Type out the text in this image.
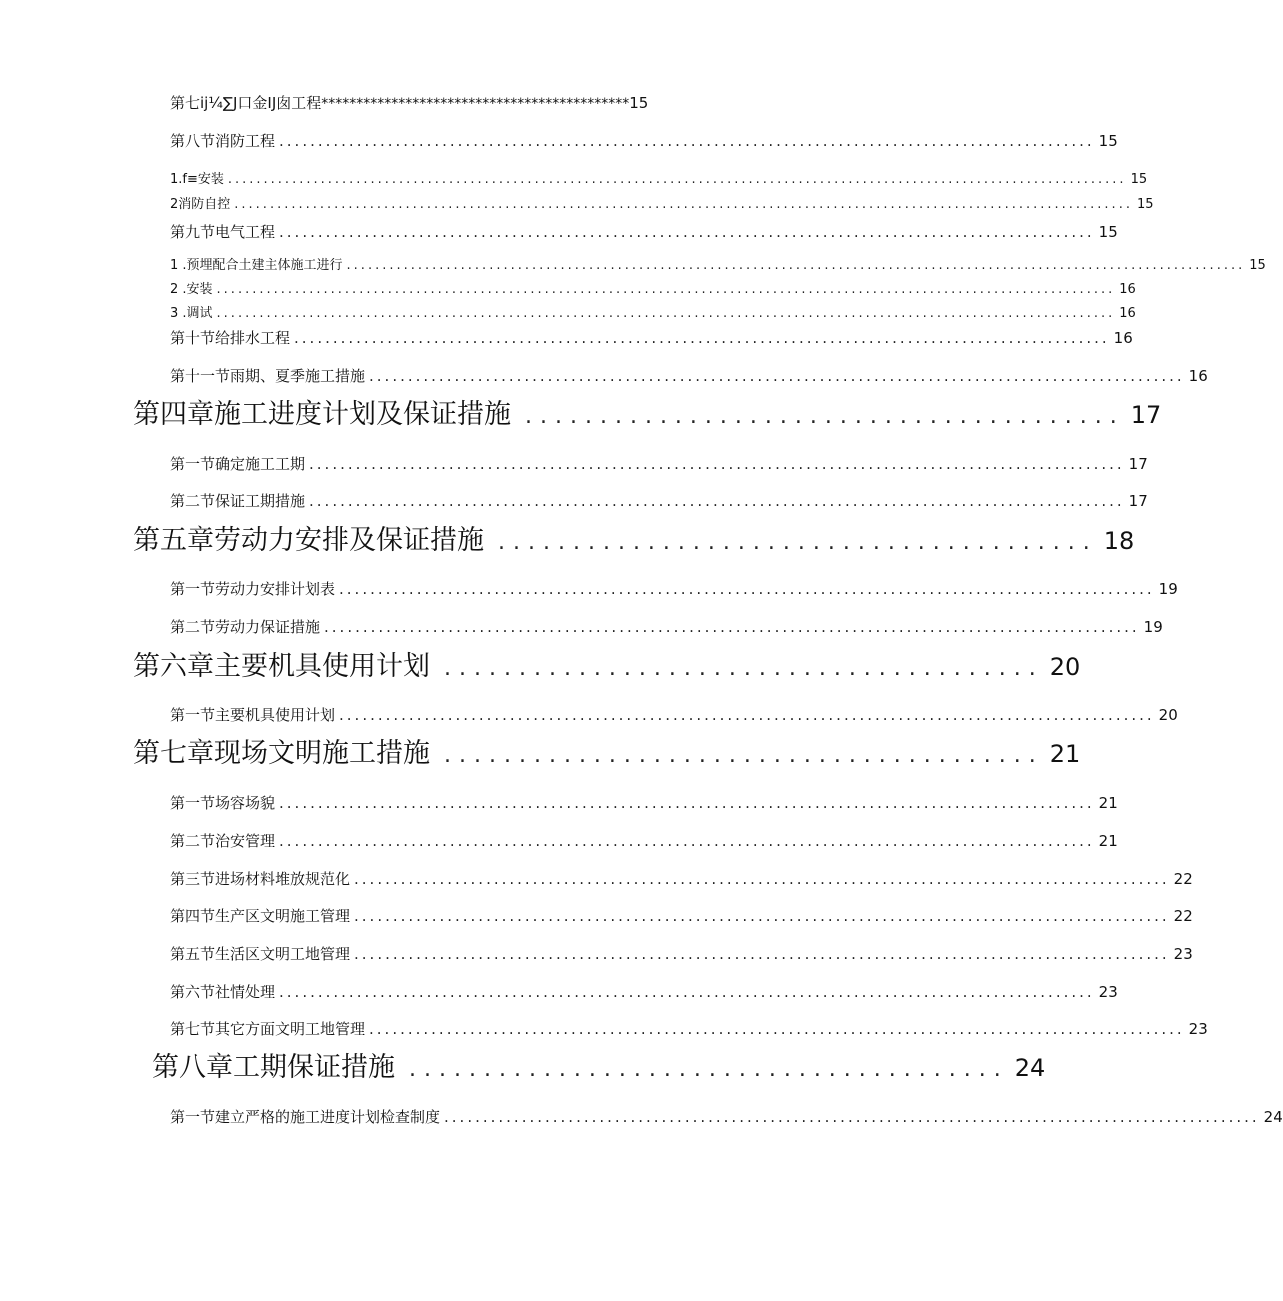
第七ij¼∑J口金IJ囱工程 ******************************************** 15
第八节消防工程 ......................................................................................................... 15
1.f≡安装 .............................................................................................................................. 15
2消防自控 .............................................................................................................................. 15
第九节电气工程 ......................................................................................................... 15
1 .预埋配合土建主体施工进行 .............................................................................................................................. 15
2 .安装 .............................................................................................................................. 16
3 .调试 .............................................................................................................................. 16
第十节给排水工程 ......................................................................................................... 16
第十一节雨期、夏季施工措施 ......................................................................................................... 16
第四章施工进度计划及保证措施 ........................................ 17
第一节确定施工工期 ......................................................................................................... 17
第二节保证工期措施 ......................................................................................................... 17
第五章劳动力安排及保证措施 ........................................ 18
第一节劳动力安排计划表 ......................................................................................................... 19
第二节劳动力保证措施 ......................................................................................................... 19
第六章主要机具使用计划 ........................................ 20
第一节主要机具使用计划 ......................................................................................................... 20
第七章现场文明施工措施 ........................................ 21
第一节场容场貌 ......................................................................................................... 21
第二节治安管理 ......................................................................................................... 21
第三节进场材料堆放规范化 ......................................................................................................... 22
第四节生产区文明施工管理 ......................................................................................................... 22
第五节生活区文明工地管理 ......................................................................................................... 23
第六节社情处理 ......................................................................................................... 23
第七节其它方面文明工地管理 ......................................................................................................... 23
第八章工期保证措施 ........................................ 24
第一节建立严格的施工进度计划检查制度 ......................................................................................................... 24
